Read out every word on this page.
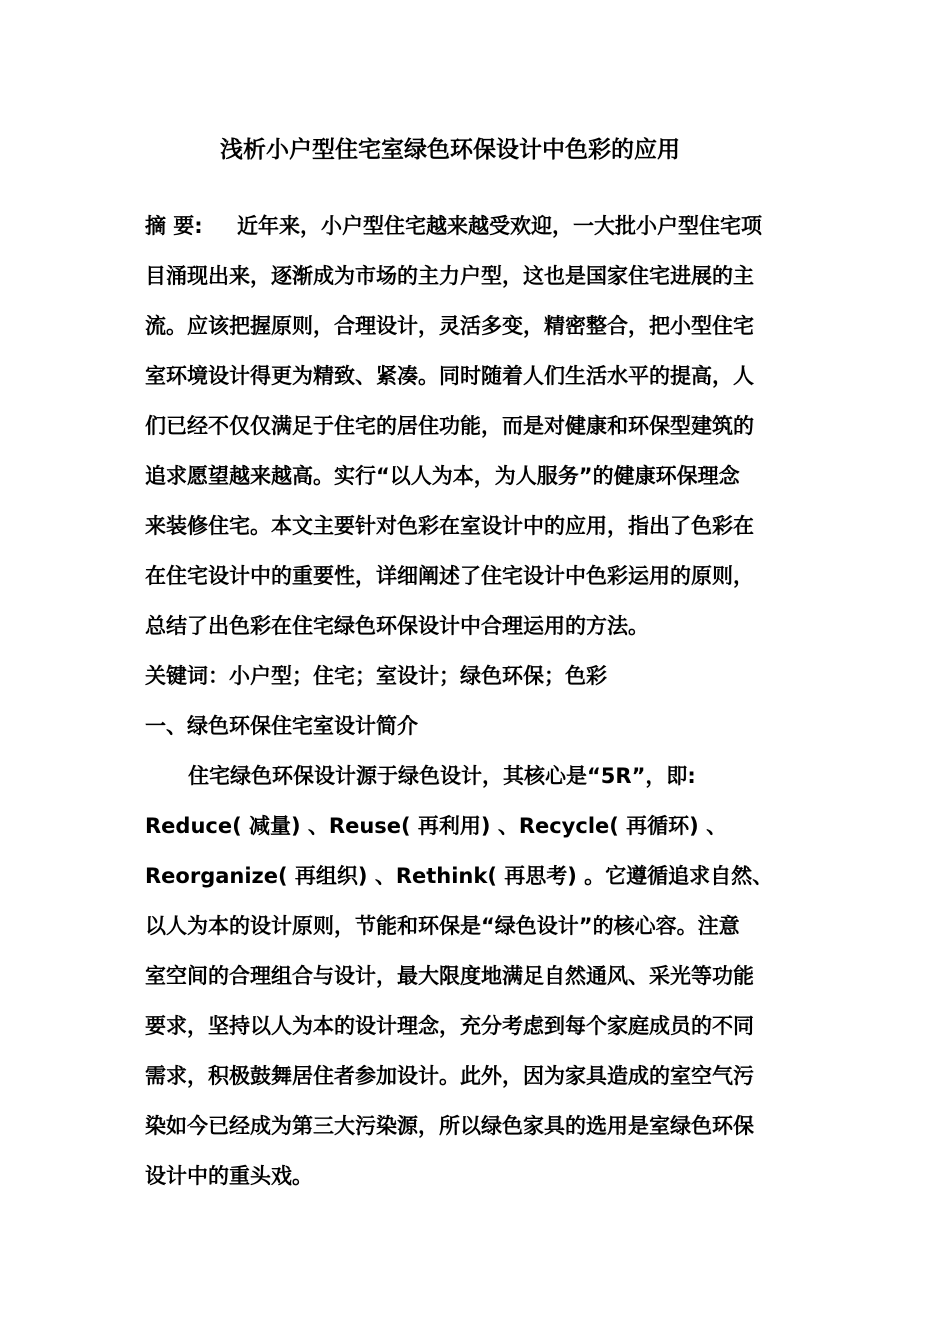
浅析小户型住宅室绿色环保设计中色彩的应用
摘 要: 近年来，小户型住宅越来越受欢迎，一大批小户型住宅项
目涌现出来，逐渐成为市场的主力户型，这也是国家住宅进展的主
流。应该把握原则，合理设计，灵活多变，精密整合，把小型住宅
室环境设计得更为精致、紧凑。同时随着人们生活水平的提高，人
们已经不仅仅满足于住宅的居住功能，而是对健康和环保型建筑的
追求愿望越来越高。实行“以人为本，为人服务”的健康环保理念
来装修住宅。本文主要针对色彩在室设计中的应用，指出了色彩在
在住宅设计中的重要性，详细阐述了住宅设计中色彩运用的原则，
总结了出色彩在住宅绿色环保设计中合理运用的方法。
关键词：小户型；住宅；室设计；绿色环保；色彩
一、绿色环保住宅室设计简介
住宅绿色环保设计源于绿色设计，其核心是“5R”，即:
Reduce( 减量) 、Reuse( 再利用) 、Recycle( 再循环) 、
Reorganize( 再组织) 、Rethink( 再思考) 。它遵循追求自然、
以人为本的设计原则，节能和环保是“绿色设计”的核心容。注意
室空间的合理组合与设计，最大限度地满足自然通风、采光等功能
要求，坚持以人为本的设计理念，充分考虑到每个家庭成员的不同
需求，积极鼓舞居住者参加设计。此外，因为家具造成的室空气污
染如今已经成为第三大污染源，所以绿色家具的选用是室绿色环保
设计中的重头戏。
